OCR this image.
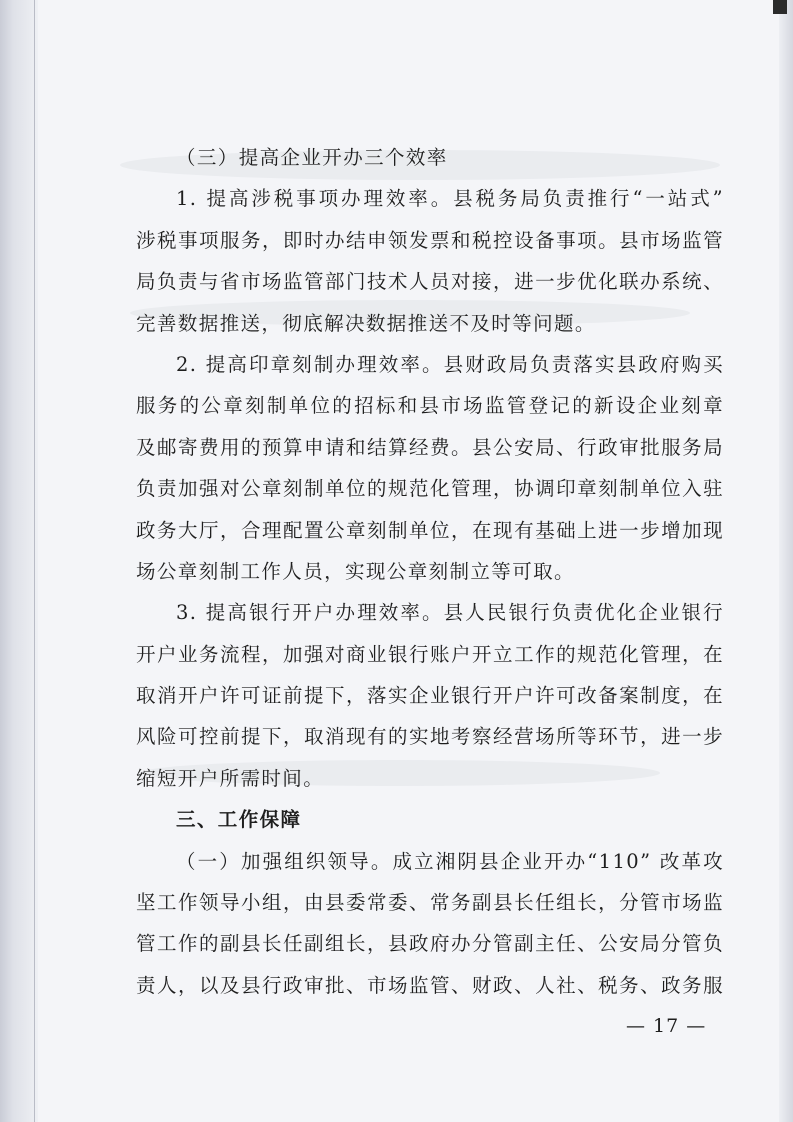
（三）提高企业开办三个效率
1. 提高涉税事项办理效率。县税务局负责推行“一站式”
涉税事项服务，即时办结申领发票和税控设备事项。县市场监管
局负责与省市场监管部门技术人员对接，进一步优化联办系统、
完善数据推送，彻底解决数据推送不及时等问题。
2. 提高印章刻制办理效率。县财政局负责落实县政府购买
服务的公章刻制单位的招标和县市场监管登记的新设企业刻章
及邮寄费用的预算申请和结算经费。县公安局、行政审批服务局
负责加强对公章刻制单位的规范化管理，协调印章刻制单位入驻
政务大厅，合理配置公章刻制单位，在现有基础上进一步增加现
场公章刻制工作人员，实现公章刻制立等可取。
3. 提高银行开户办理效率。县人民银行负责优化企业银行
开户业务流程，加强对商业银行账户开立工作的规范化管理，在
取消开户许可证前提下，落实企业银行开户许可改备案制度，在
风险可控前提下，取消现有的实地考察经营场所等环节，进一步
缩短开户所需时间。
三、工作保障
（一）加强组织领导。成立湘阴县企业开办“110” 改革攻
坚工作领导小组，由县委常委、常务副县长任组长，分管市场监
管工作的副县长任副组长，县政府办分管副主任、公安局分管负
责人，以及县行政审批、市场监管、财政、人社、税务、政务服
— 17 —
